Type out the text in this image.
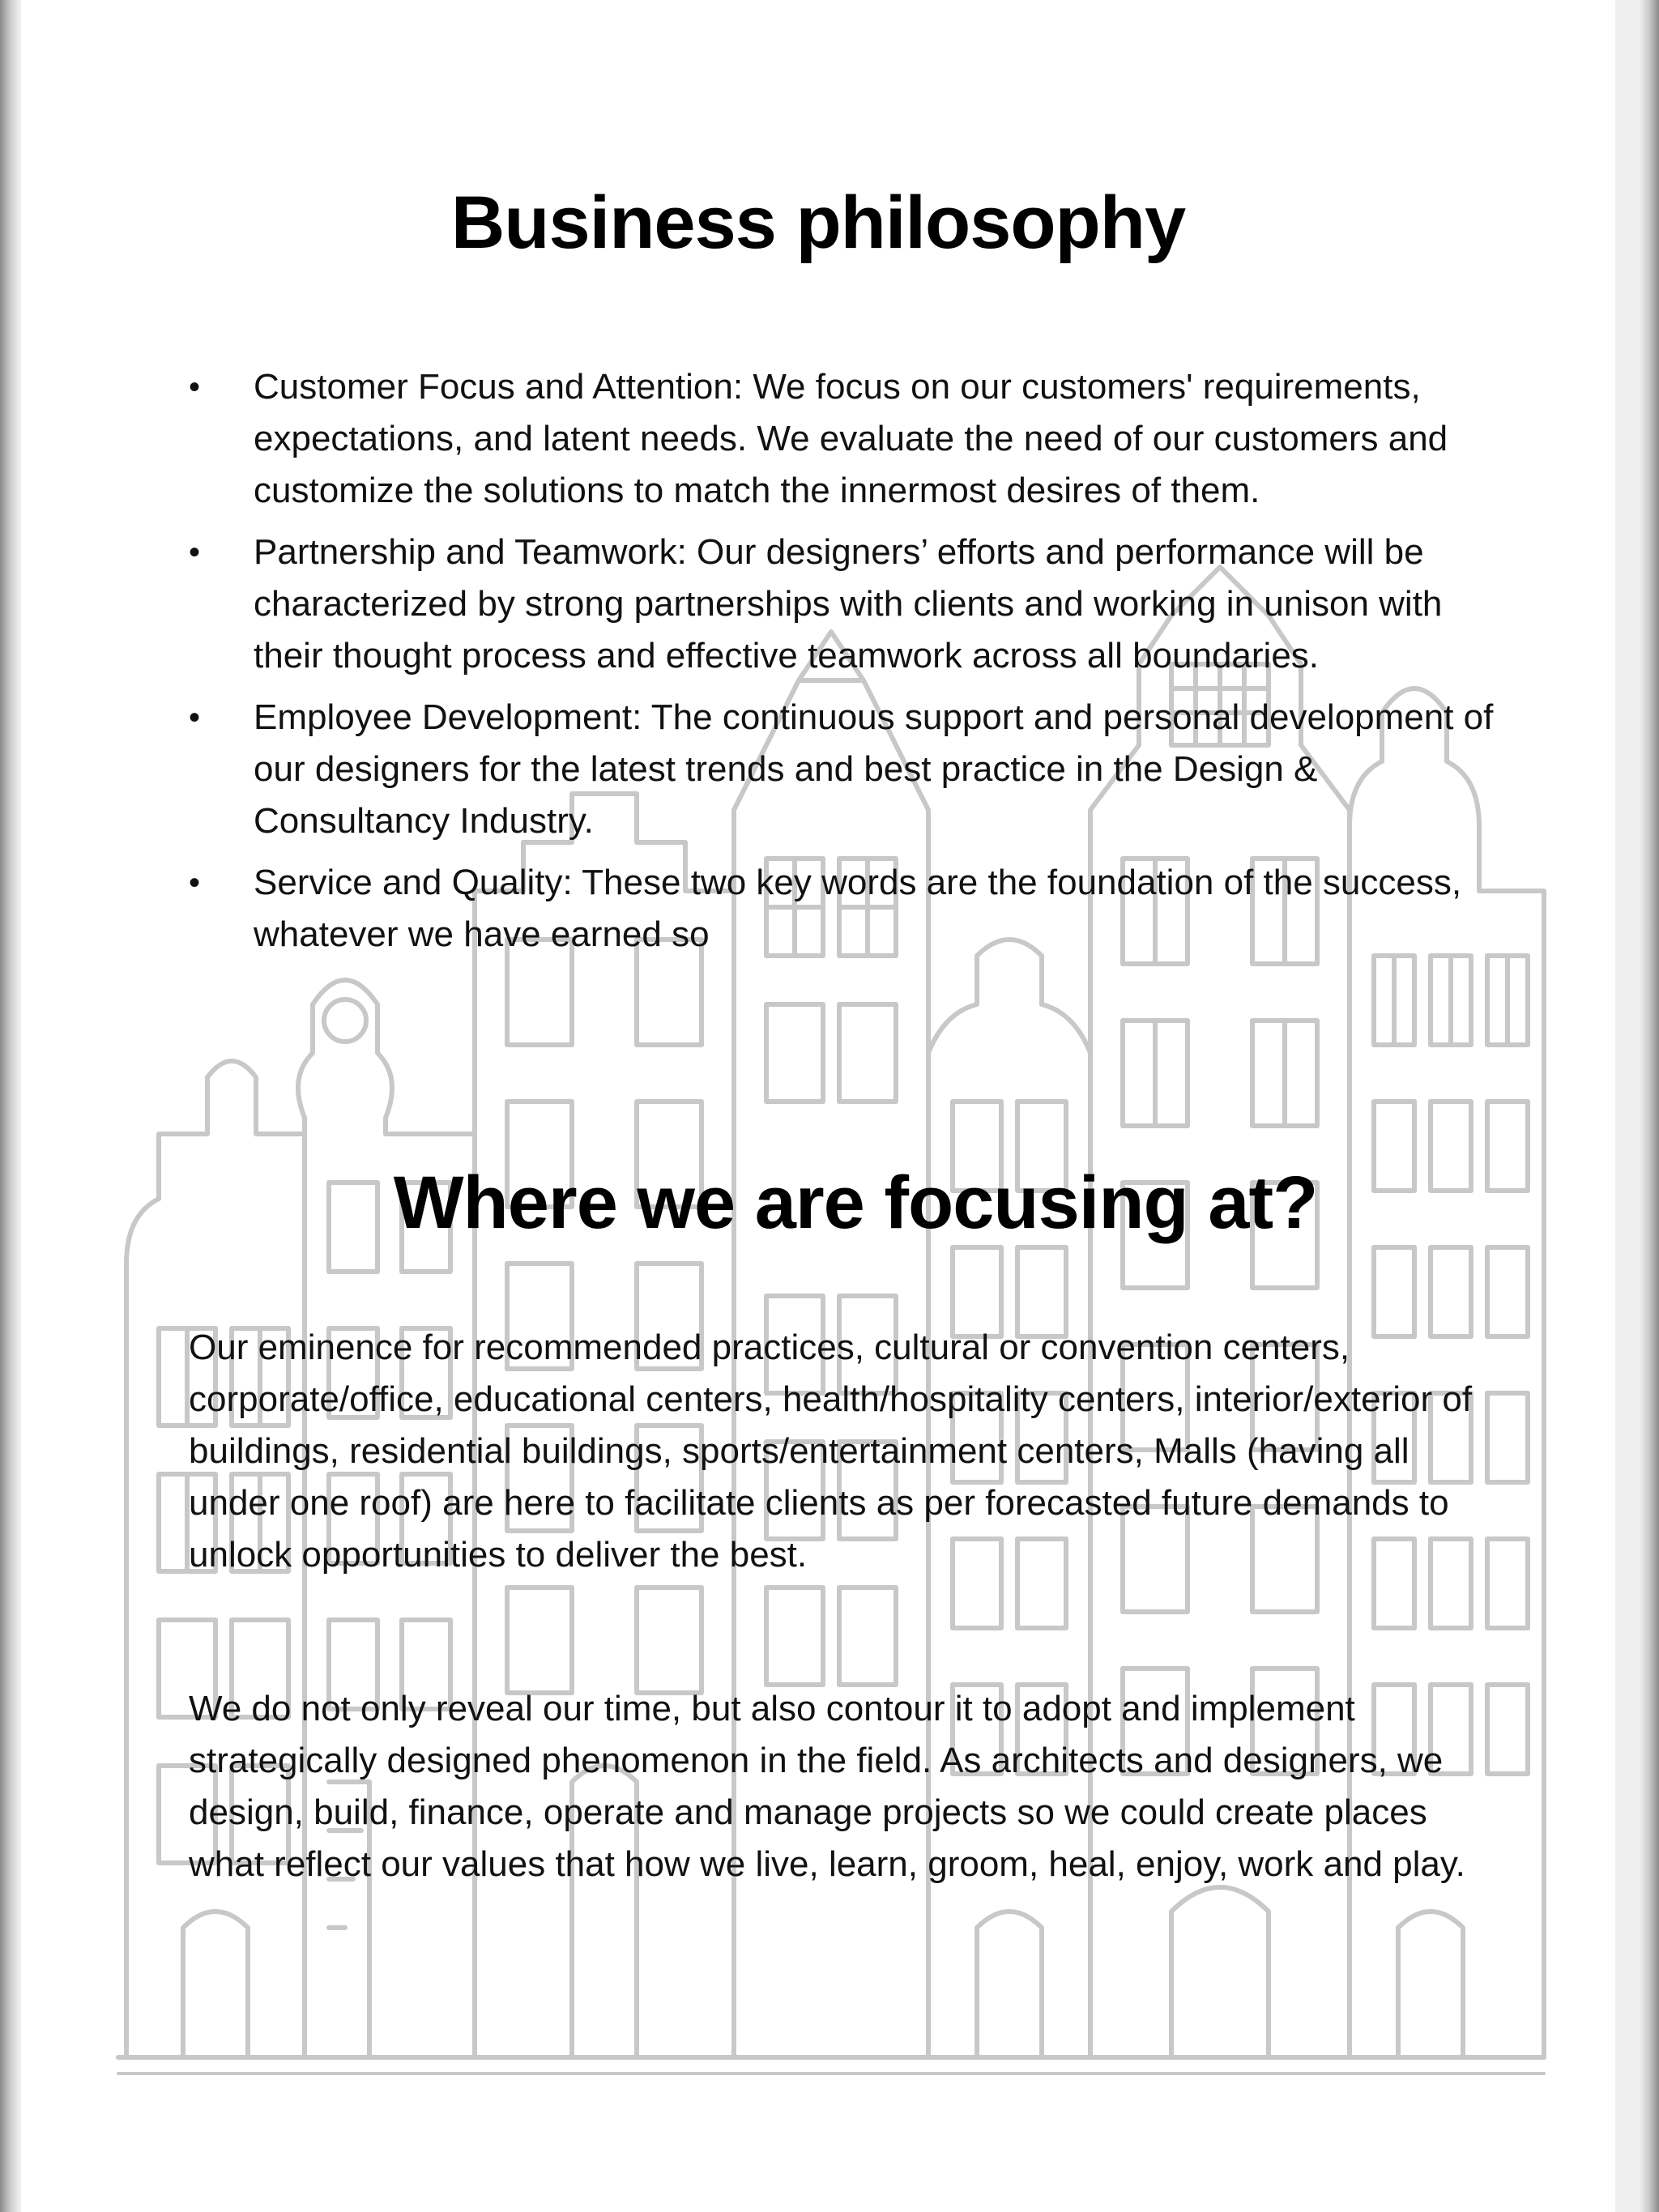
Business philosophy
• Customer Focus and Attention: We focus on our customers' requirements, expectations, and latent needs. We evaluate the need of our customers and customize the solutions to match the innermost desires of them.
• Partnership and Teamwork: Our designers’ efforts and performance will be characterized by strong partnerships with clients and working in unison with their thought process and effective teamwork across all boundaries.
• Employee Development: The continuous support and personal development of our designers for the latest trends and best practice in the Design & Consultancy Industry.
• Service and Quality: These two key words are the foundation of the success, whatever we have earned so
Where we are focusing at?

Our eminence for recommended practices, cultural or convention centers, corporate/office, educational centers, health/hospitality centers, interior/exterior of buildings, residential buildings, sports/entertainment centers, Malls (having all under one roof) are here to facilitate clients as per forecasted future demands to unlock opportunities to deliver the best.

We do not only reveal our time, but also contour it to adopt and implement strategically designed phenomenon in the field. As architects and designers, we design, build, finance, operate and manage projects so we could create places what reflect our values that how we live, learn, groom, heal, enjoy, work and play.
